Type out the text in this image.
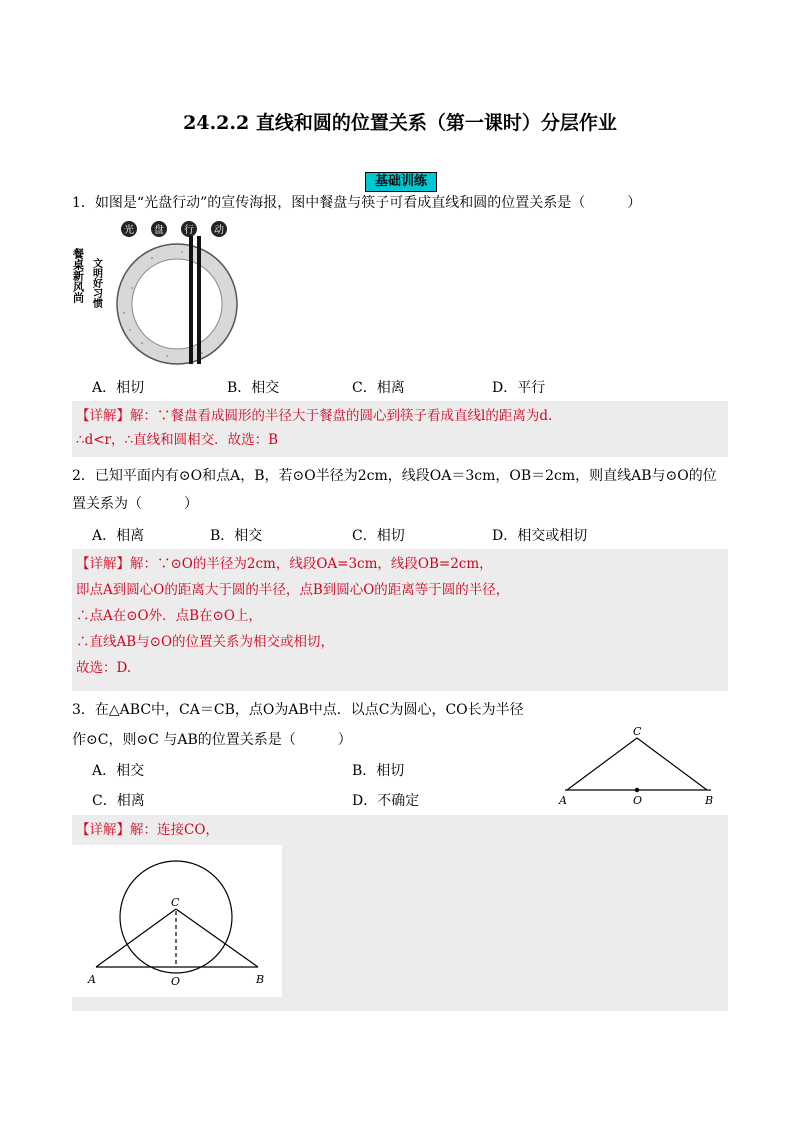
24.2.2 直线和圆的位置关系（第一课时）分层作业
基础训练
1．如图是“光盘行动”的宣传海报，图中餐盘与筷子可看成直线和圆的位置关系是（　　　）
光 盘 行 动
餐桌新风尚 文明好习惯
A．相切	B．相交	C．相离	D．平行
【详解】解：∵餐盘看成圆形的半径大于餐盘的圆心到筷子看成直线l的距离为d.
∴d<r，∴直线和圆相交．故选：B
2．已知平面内有⊙O和点A，B，若⊙O半径为2cm，线段OA＝3cm，OB＝2cm，则直线AB与⊙O的位
置关系为（　　　）
A．相离	B．相交	C．相切	D．相交或相切
【详解】解：∵⊙O的半径为2cm，线段OA=3cm，线段OB=2cm，
即点A到圆心O的距离大于圆的半径，点B到圆心O的距离等于圆的半径，
∴点A在⊙O外．点B在⊙O上，
∴直线AB与⊙O的位置关系为相交或相切，
故选：D.
3．在△ABC中，CA＝CB，点O为AB中点．以点C为圆心，CO长为半径
作⊙C，则⊙C 与AB的位置关系是（　　　）
A．相交	B．相切
C．相离	D．不确定
C
A	O	B
【详解】解：连接CO，
C
A	O	B
